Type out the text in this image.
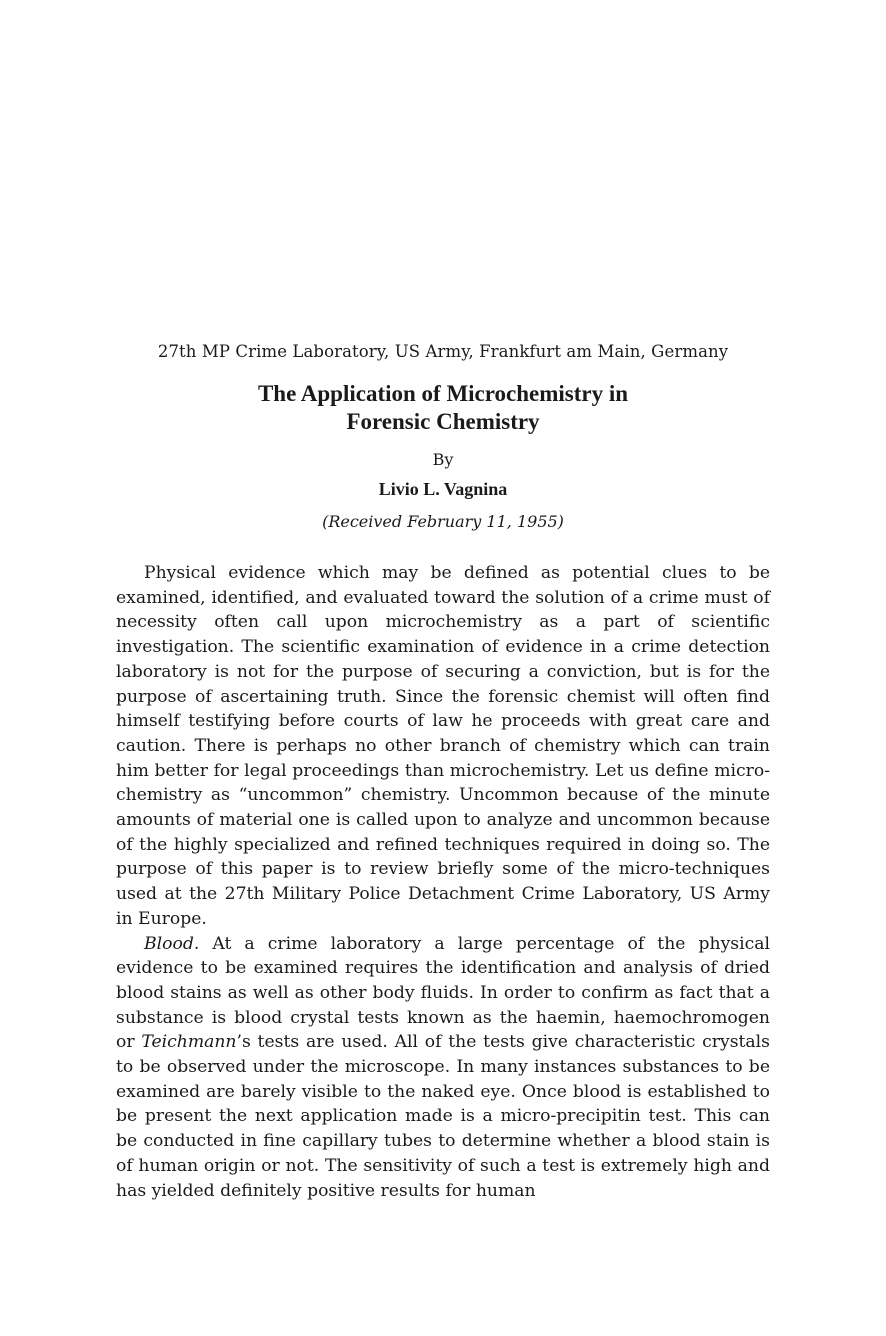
27th MP Crime Laboratory, US Army, Frankfurt am Main, Germany
The Application of Microchemistry in
Forensic Chemistry
By
Livio L. Vagnina
(Received February 11, 1955)

Physical evidence which may be defined as potential clues to be examined, identified, and evaluated toward the solution of a crime must of necessity often call upon microchemistry as a part of scientific investigation. The scientific examination of evidence in a crime detection laboratory is not for the purpose of securing a conviction, but is for the purpose of ascertaining truth. Since the forensic chemist will often find himself testifying before courts of law he proceeds with great care and caution. There is perhaps no other branch of chemistry which can train him better for legal proceedings than microchemistry. Let us define micro-chemistry as “uncommon” chemistry. Uncommon because of the minute amounts of material one is called upon to analyze and uncommon because of the highly specialized and refined techniques required in doing so. The purpose of this paper is to review briefly some of the micro-techniques used at the 27th Military Police Detachment Crime Laboratory, US Army in Europe.

Blood. At a crime laboratory a large percentage of the physical evidence to be examined requires the identification and analysis of dried blood stains as well as other body fluids. In order to confirm as fact that a substance is blood crystal tests known as the haemin, haemochromogen or Teichmann’s tests are used. All of the tests give characteristic crystals to be observed under the microscope. In many instances substances to be examined are barely visible to the naked eye. Once blood is established to be present the next application made is a micro-precipitin test. This can be conducted in fine capillary tubes to determine whether a blood stain is of human origin or not. The sensitivity of such a test is extremely high and has yielded definitely positive results for human
